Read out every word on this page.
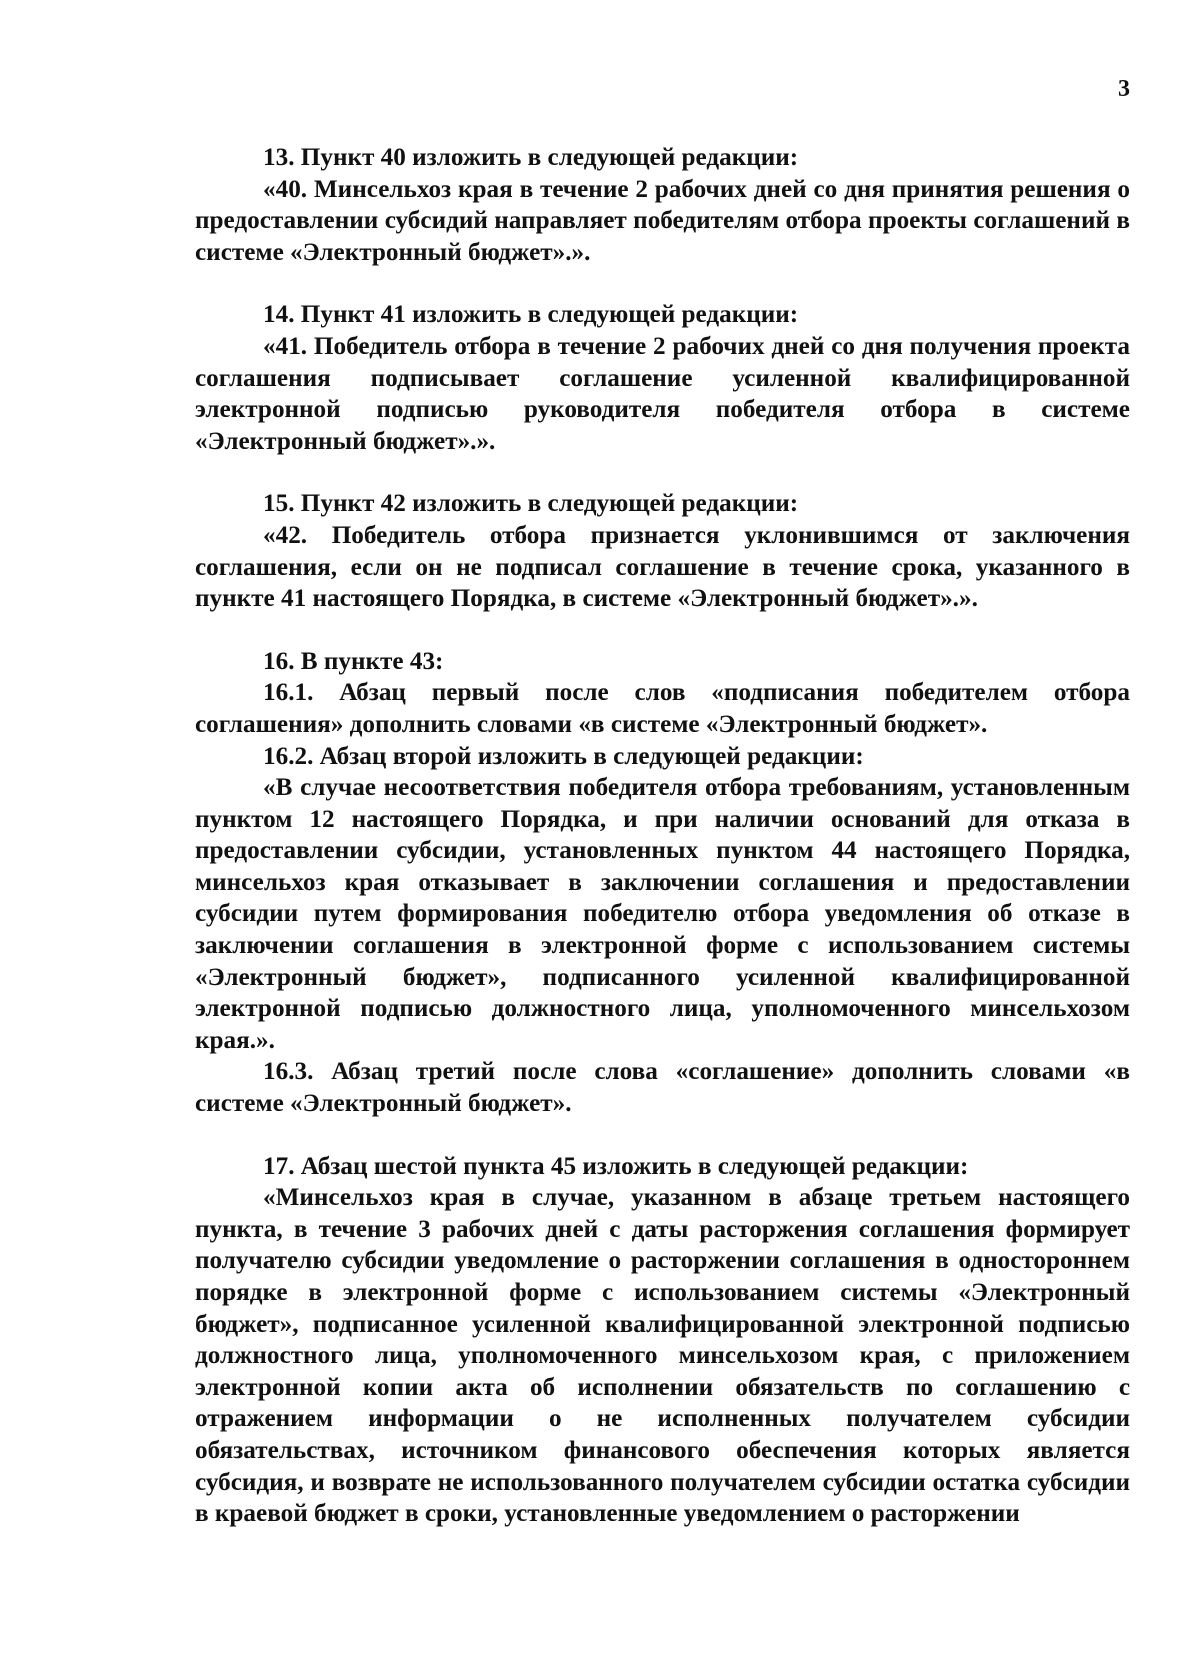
3

13. Пункт 40 изложить в следующей редакции:

«40. Минсельхоз края в течение 2 рабочих дней со дня принятия решения о предоставлении субсидий направляет победителям отбора проекты соглашений в системе «Электронный бюджет».».

14. Пункт 41 изложить в следующей редакции:

«41. Победитель отбора в течение 2 рабочих дней со дня получения проекта соглашения подписывает соглашение усиленной квалифицированной электронной подписью руководителя победителя отбора в системе «Электронный бюджет».».

15. Пункт 42 изложить в следующей редакции:

«42. Победитель отбора признается уклонившимся от заключения соглашения, если он не подписал соглашение в течение срока, указанного в пункте 41 настоящего Порядка, в системе «Электронный бюджет».».

16. В пункте 43:

16.1. Абзац первый после слов «подписания победителем отбора соглашения» дополнить словами «в системе «Электронный бюджет».

16.2. Абзац второй изложить в следующей редакции:

«В случае несоответствия победителя отбора требованиям, установленным пунктом 12 настоящего Порядка, и при наличии оснований для отказа в предоставлении субсидии, установленных пунктом 44 настоящего Порядка, минсельхоз края отказывает в заключении соглашения и предоставлении субсидии путем формирования победителю отбора уведомления об отказе в заключении соглашения в электронной форме с использованием системы «Электронный бюджет», подписанного усиленной квалифицированной электронной подписью должностного лица, уполномоченного минсельхозом края.».

16.3. Абзац третий после слова «соглашение» дополнить словами «в системе «Электронный бюджет».

17. Абзац шестой пункта 45 изложить в следующей редакции:

«Минсельхоз края в случае, указанном в абзаце третьем настоящего пункта, в течение 3 рабочих дней с даты расторжения соглашения формирует получателю субсидии уведомление о расторжении соглашения в одностороннем порядке в электронной форме с использованием системы «Электронный бюджет», подписанное усиленной квалифицированной электронной подписью должностного лица, уполномоченного минсельхозом края, с приложением электронной копии акта об исполнении обязательств по соглашению с отражением информации о не исполненных получателем субсидии обязательствах, источником финансового обеспечения которых является субсидия, и возврате не использованного получателем субсидии остатка субсидии в краевой бюджет в сроки, установленные уведомлением о расторжении
